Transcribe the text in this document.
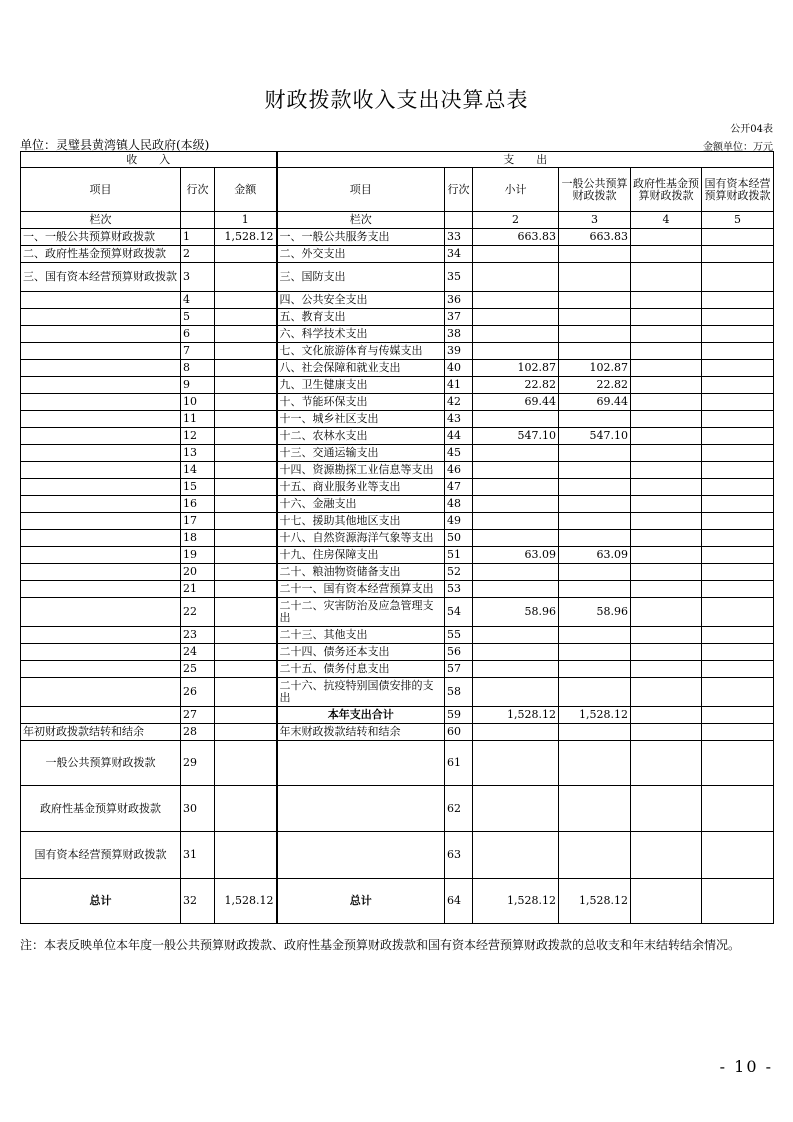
财政拨款收入支出决算总表
公开04表
单位：灵璧县黄湾镇人民政府(本级)	金额单位：万元
收　　入			支　　出					
项目	行次	金额	项目	行次	小计	一般公共预算财政拨款	政府性基金预算财政拨款	国有资本经营预算财政拨款
栏次		1	栏次		2	3	4	5
一、一般公共预算财政拨款	1	1,528.12	一、一般公共服务支出	33	663.83	663.83		
二、政府性基金预算财政拨款	2		二、外交支出	34				
三、国有资本经营预算财政拨款	3		三、国防支出	35				
	4		四、公共安全支出	36				
	5		五、教育支出	37				
	6		六、科学技术支出	38				
	7		七、文化旅游体育与传媒支出	39				
	8		八、社会保障和就业支出	40	102.87	102.87		
	9		九、卫生健康支出	41	22.82	22.82		
	10		十、节能环保支出	42	69.44	69.44		
	11		十一、城乡社区支出	43				
	12		十二、农林水支出	44	547.10	547.10		
	13		十三、交通运输支出	45				
	14		十四、资源勘探工业信息等支出	46				
	15		十五、商业服务业等支出	47				
	16		十六、金融支出	48				
	17		十七、援助其他地区支出	49				
	18		十八、自然资源海洋气象等支出	50				
	19		十九、住房保障支出	51	63.09	63.09		
	20		二十、粮油物资储备支出	52				
	21		二十一、国有资本经营预算支出	53				
	22		二十二、灾害防治及应急管理支出	54	58.96	58.96		
	23		二十三、其他支出	55				
	24		二十四、债务还本支出	56				
	25		二十五、债务付息支出	57				
	26		二十六、抗疫特别国债安排的支出	58				
	27		本年支出合计	59	1,528.12	1,528.12		
年初财政拨款结转和结余	28		年末财政拨款结转和结余	60				
一般公共预算财政拨款	29			61				
政府性基金预算财政拨款	30			62				
国有资本经营预算财政拨款	31			63				
总计	32	1,528.12	总计	64	1,528.12	1,528.12		
注：本表反映单位本年度一般公共预算财政拨款、政府性基金预算财政拨款和国有资本经营预算财政拨款的总收支和年末结转结余情况。
- 10 -
